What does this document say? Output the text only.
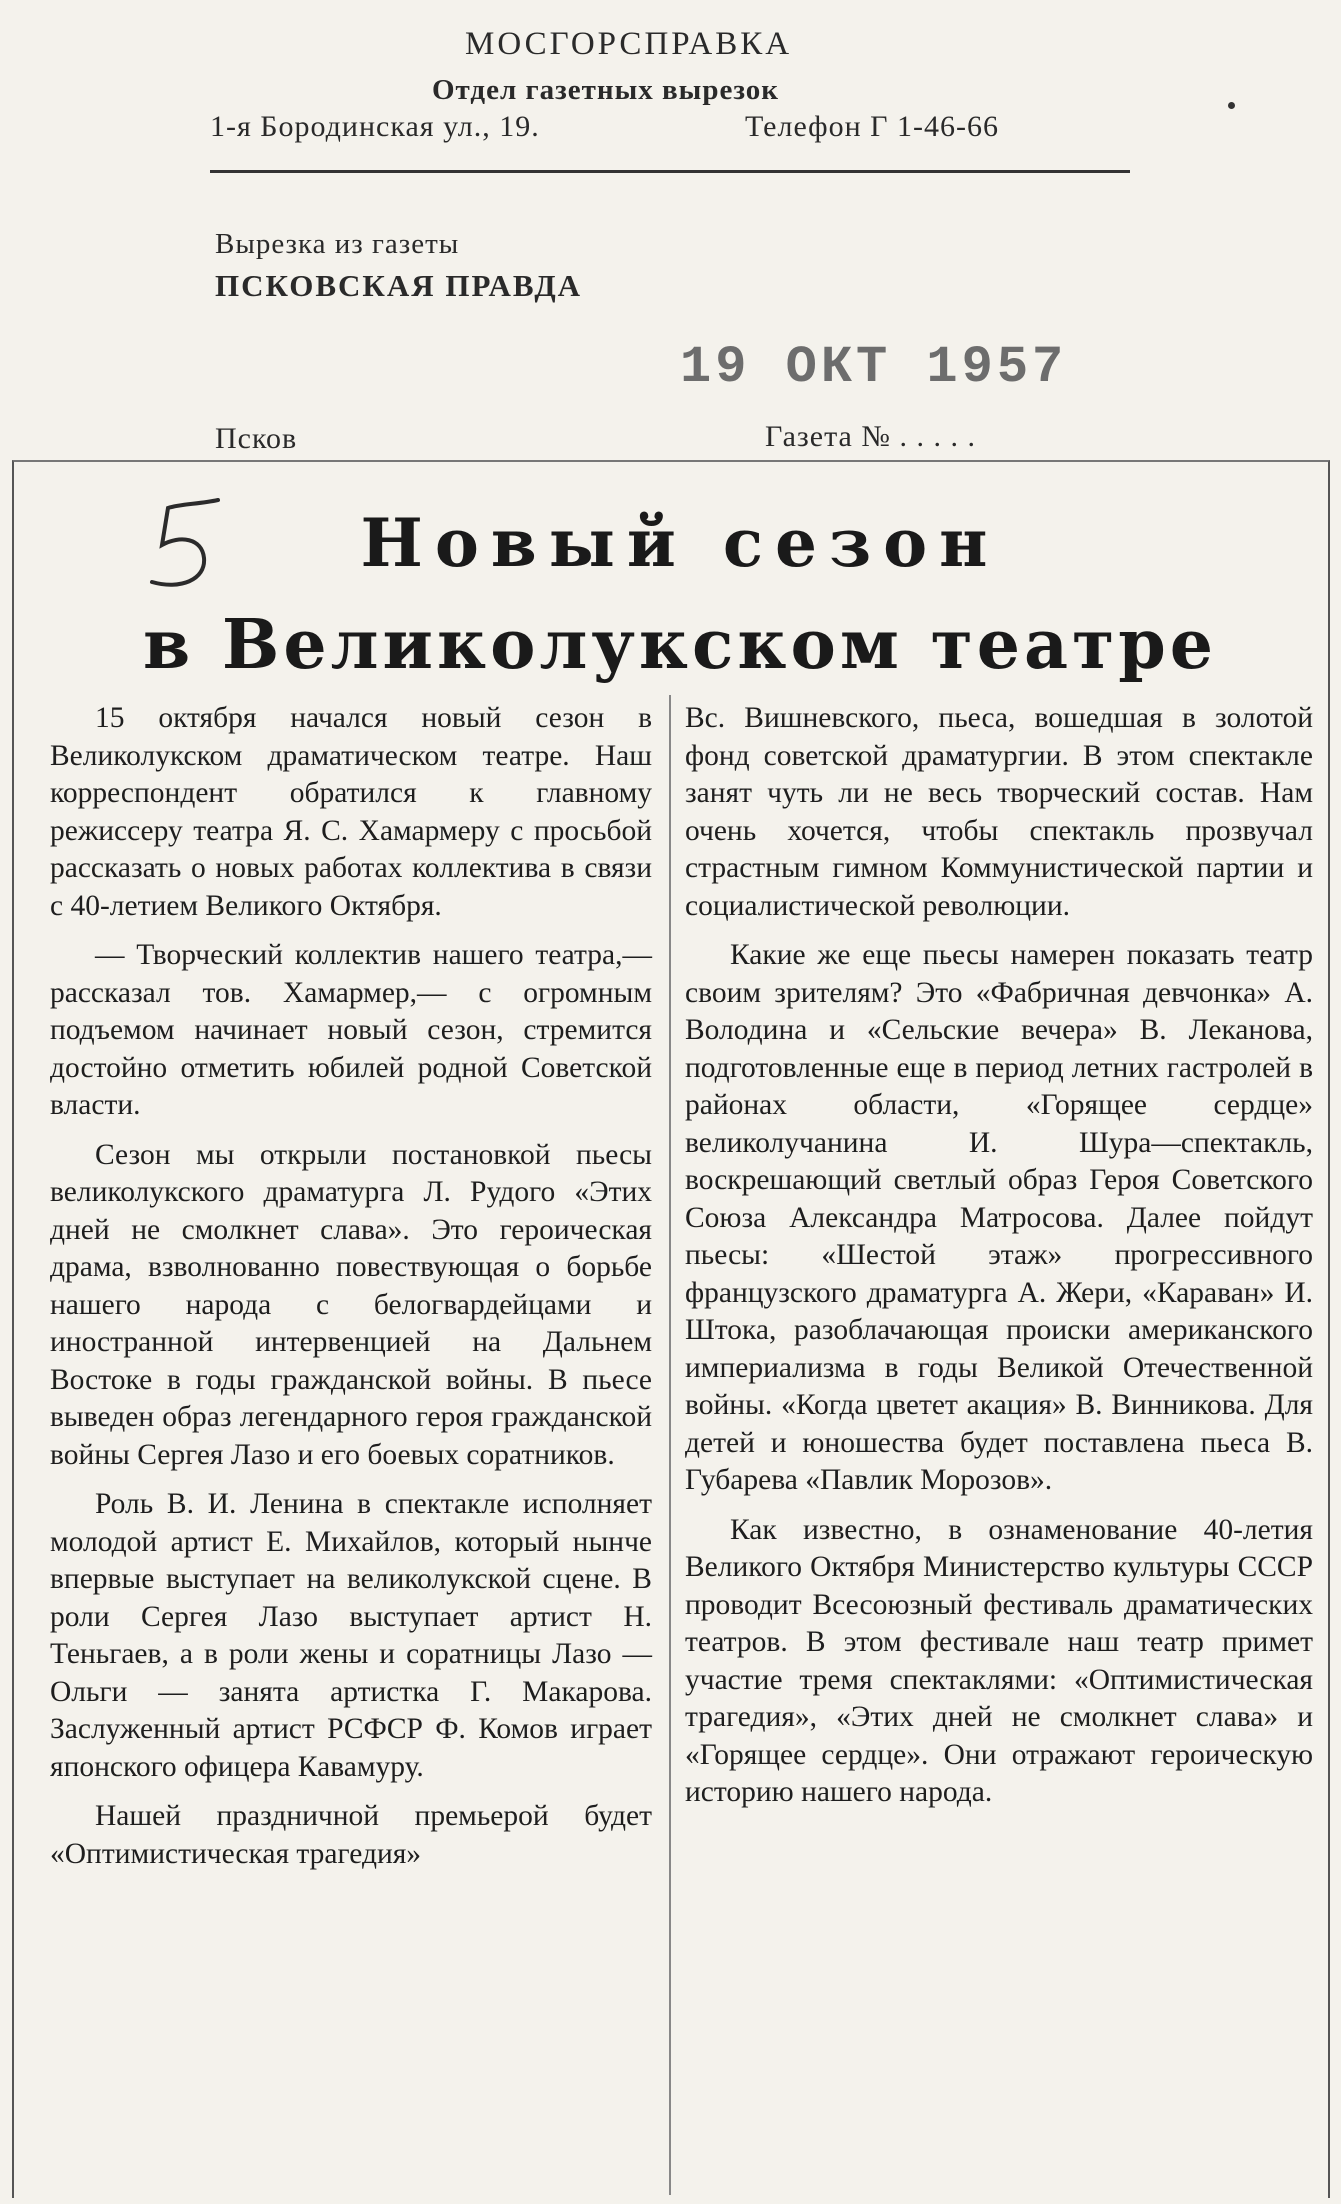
МОСГОРСПРАВКА
Отдел газетных вырезок
1-я Бородинская ул., 19.	Телефон Г 1-46-66
Вырезка из газеты
ПСКОВСКАЯ ПРАВДА
19 ОКТ 1957
Псков	Газета № . . . . .
Новый сезон
в Великолукском театре

15 октября начался новый сезон в Великолукском драматическом театре. Наш корреспондент обратился к главному режиссеру театра Я. С. Хамармеру с просьбой рассказать о новых работах коллектива в связи с 40-летием Великого Октября.

— Творческий коллектив нашего театра,—рассказал тов. Хамармер,— с огромным подъемом начинает новый сезон, стремится достойно отметить юбилей родной Советской власти.

Сезон мы открыли постановкой пьесы великолукского драматурга Л. Рудого «Этих дней не смолкнет слава». Это героическая драма, взволнованно повествующая о борьбе нашего народа с белогвардейцами и иностранной интервенцией на Дальнем Востоке в годы гражданской войны. В пьесе выведен образ легендарного героя гражданской войны Сергея Лазо и его боевых соратников.

Роль В. И. Ленина в спектакле исполняет молодой артист Е. Михайлов, который нынче впервые выступает на великолукской сцене. В роли Сергея Лазо выступает артист Н. Теньгаев, а в роли жены и соратницы Лазо — Ольги — занята артистка Г. Макарова. Заслуженный артист РСФСР Ф. Комов играет японского офицера Кавамуру.

Нашей праздничной премьерой будет «Оптимистическая трагедия»

Вс. Вишневского, пьеса, вошедшая в золотой фонд советской драматургии. В этом спектакле занят чуть ли не весь творческий состав. Нам очень хочется, чтобы спектакль прозвучал страстным гимном Коммунистической партии и социалистической революции.

Какие же еще пьесы намерен показать театр своим зрителям? Это «Фабричная девчонка» А. Володина и «Сельские вечера» В. Леканова, подготовленные еще в период летних гастролей в районах области, «Горящее сердце» великолучанина И. Шура—спектакль, воскрешающий светлый образ Героя Советского Союза Александра Матросова. Далее пойдут пьесы: «Шестой этаж» прогрессивного французского драматурга А. Жери, «Караван» И. Штока, разоблачающая происки американского империализма в годы Великой Отечественной войны. «Когда цветет акация» В. Винникова. Для детей и юношества будет поставлена пьеса В. Губарева «Павлик Морозов».

Как известно, в ознаменование 40-летия Великого Октября Министерство культуры СССР проводит Всесоюзный фестиваль драматических театров. В этом фестивале наш театр примет участие тремя спектаклями: «Оптимистическая трагедия», «Этих дней не смолкнет слава» и «Горящее сердце». Они отражают героическую историю нашего народа.
